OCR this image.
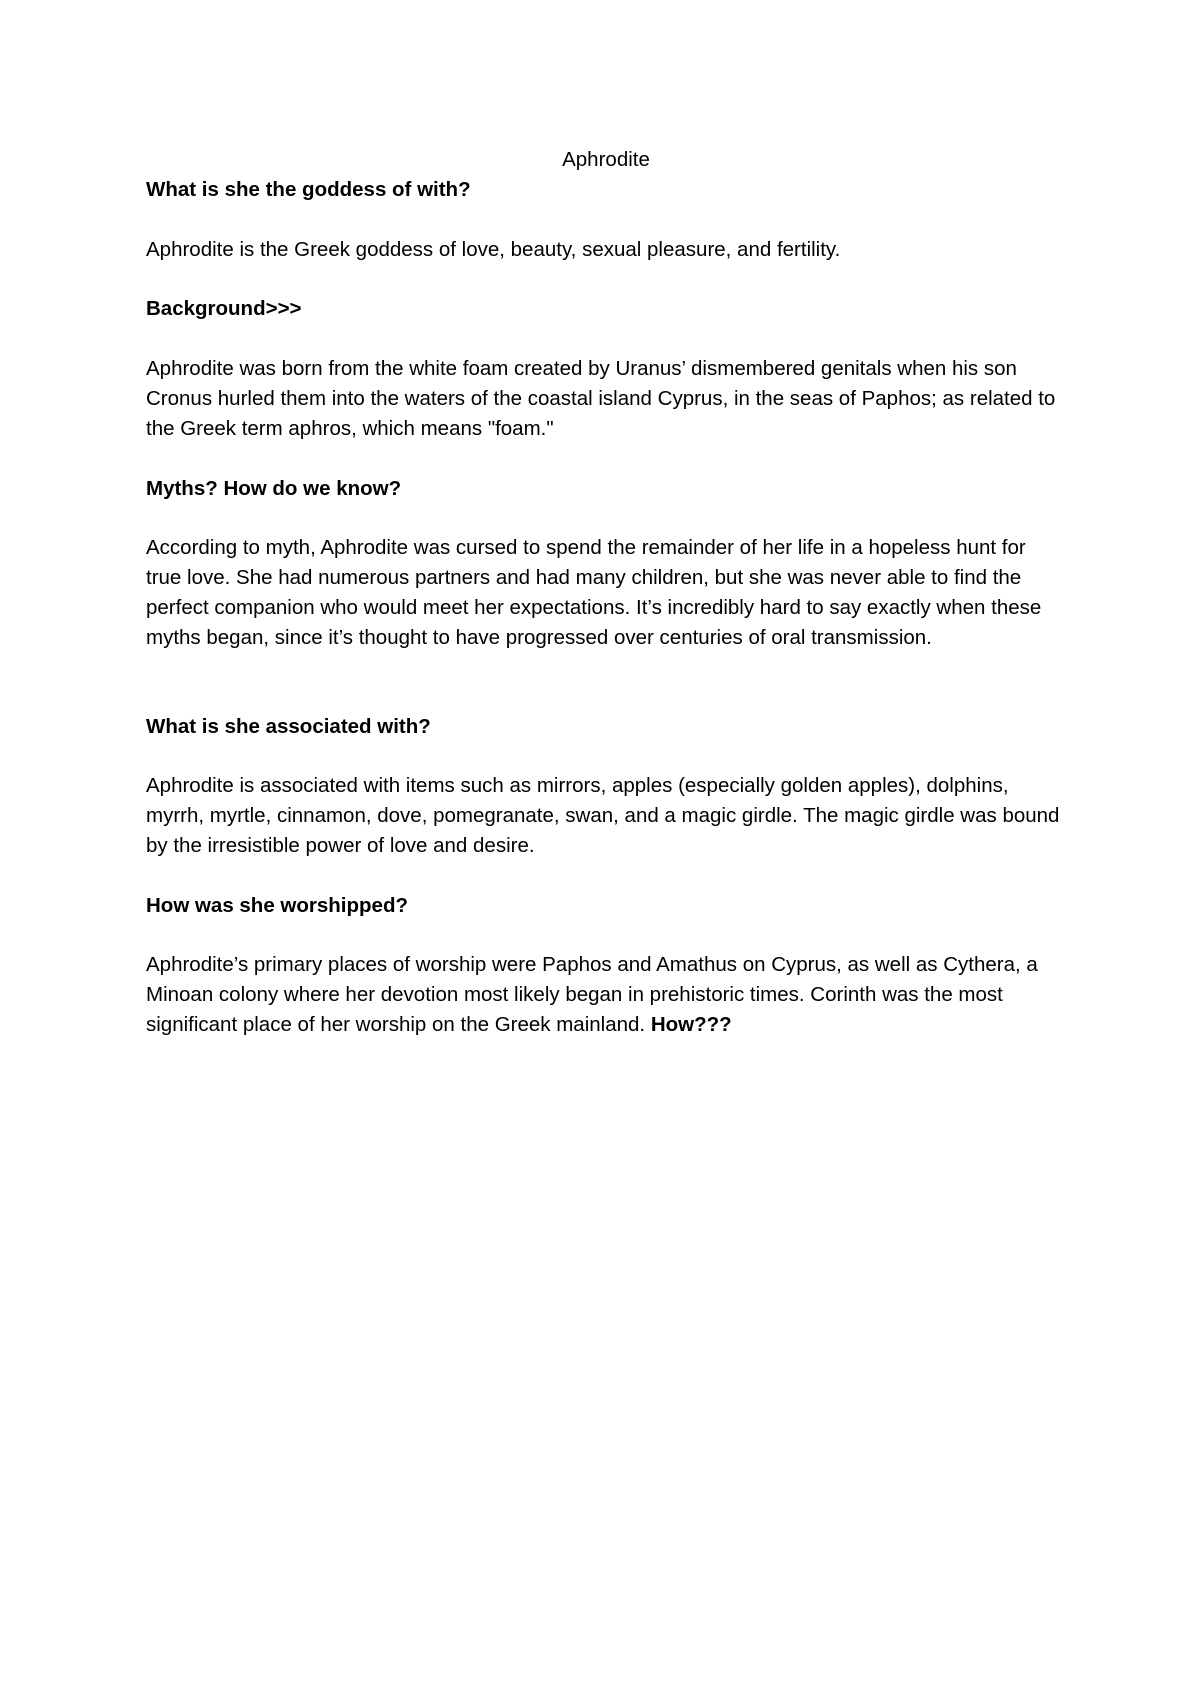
Aphrodite

What is she the goddess of with?

Aphrodite is the Greek goddess of love, beauty, sexual pleasure, and fertility.

Background>>>

Aphrodite was born from the white foam created by Uranus’ dismembered genitals when his son Cronus hurled them into the waters of the coastal island Cyprus, in the seas of Paphos; as related to the Greek term aphros, which means "foam."

Myths? How do we know?

According to myth, Aphrodite was cursed to spend the remainder of her life in a hopeless hunt for true love. She had numerous partners and had many children, but she was never able to find the perfect companion who would meet her expectations. It’s incredibly hard to say exactly when these myths began, since it’s thought to have progressed over centuries of oral transmission.

What is she associated with?

Aphrodite is associated with items such as mirrors, apples (especially golden apples), dolphins, myrrh, myrtle, cinnamon, dove, pomegranate, swan, and a magic girdle. The magic girdle was bound by the irresistible power of love and desire.

How was she worshipped?

Aphrodite’s primary places of worship were Paphos and Amathus on Cyprus, as well as Cythera, a Minoan colony where her devotion most likely began in prehistoric times. Corinth was the most significant place of her worship on the Greek mainland. How???
